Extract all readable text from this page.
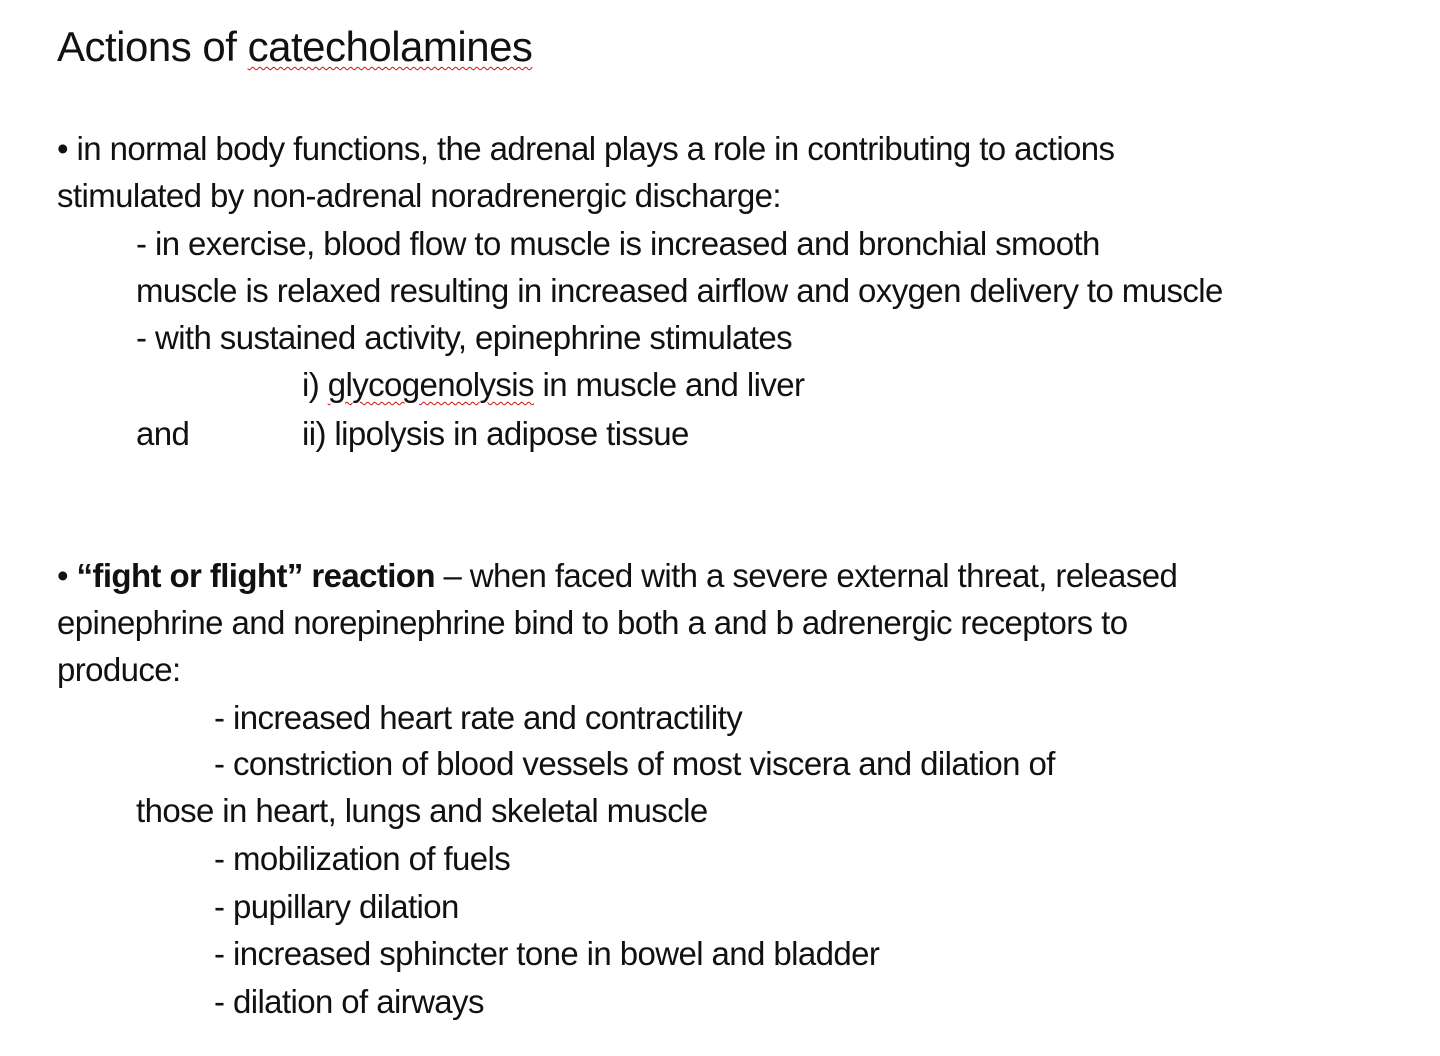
Actions of catecholamines
• in normal body functions, the adrenal plays a role in contributing to actions
stimulated by non-adrenal noradrenergic discharge:
- in exercise, blood flow to muscle is increased and bronchial smooth
muscle is relaxed resulting in increased airflow and oxygen delivery to muscle
- with sustained activity, epinephrine stimulates
i) glycogenolysis in muscle and liver
and	ii) lipolysis in adipose tissue
• “fight or flight” reaction – when faced with a severe external threat, released
epinephrine and norepinephrine bind to both a and b adrenergic receptors to
produce:
- increased heart rate and contractility
- constriction of blood vessels of most viscera and dilation of
those in heart, lungs and skeletal muscle
- mobilization of fuels
- pupillary dilation
- increased sphincter tone in bowel and bladder
- dilation of airways
